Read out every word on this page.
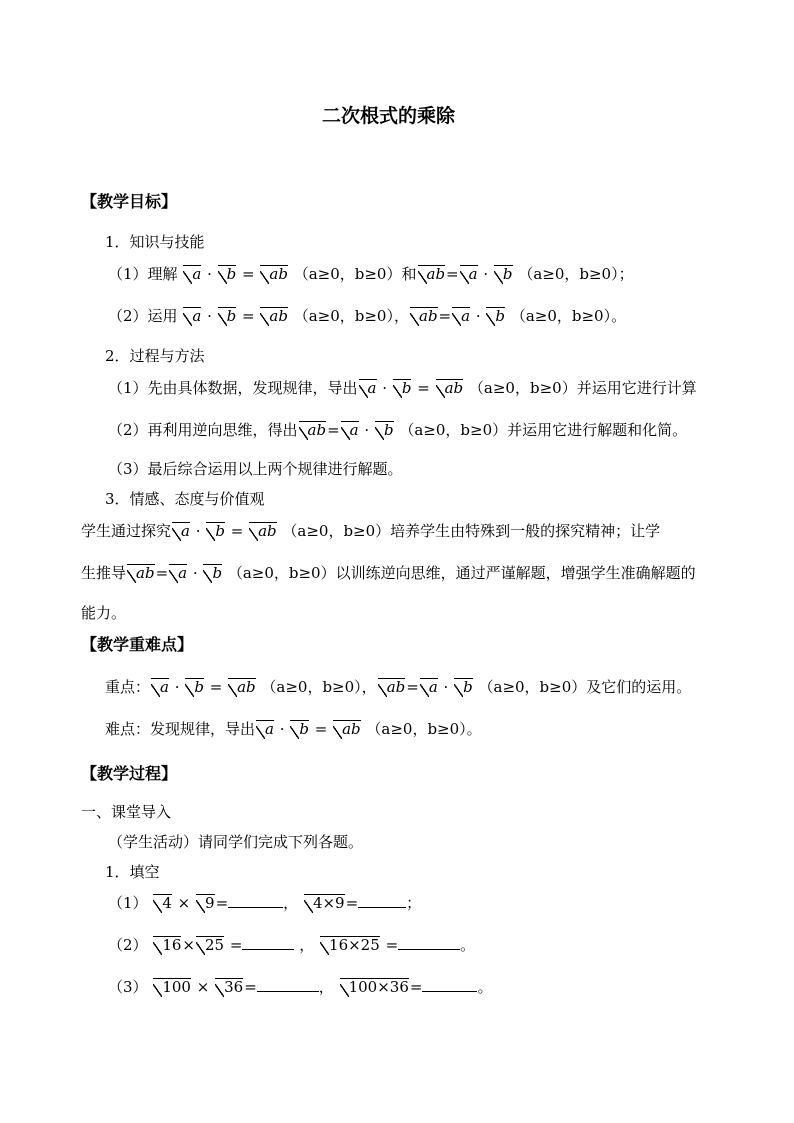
二次根式的乘除
【教学目标】
1．知识与技能
（1）理解 a · b = ab （a≥0，b≥0）和 ab= a · b （a≥0，b≥0）；
（2）运用 a · b = ab （a≥0，b≥0）， ab= a · b （a≥0，b≥0）。
2．过程与方法
（1）先由具体数据，发现规律，导出 a · b = ab （a≥0，b≥0）并运用它进行计算
（2）再利用逆向思维，得出 ab= a · b （a≥0，b≥0）并运用它进行解题和化简。
（3）最后综合运用以上两个规律进行解题。
3．情感、态度与价值观
学生通过探究 a · b = ab （a≥0，b≥0）培养学生由特殊到一般的探究精神；让学
生推导 ab= a · b （a≥0，b≥0）以训练逆向思维，通过严谨解题，增强学生准确解题的
能力。
【教学重难点】
重点： a · b = ab （a≥0，b≥0）， ab= a · b （a≥0，b≥0）及它们的运用。
难点：发现规律，导出 a · b = ab （a≥0，b≥0）。
【教学过程】
一、课堂导入
（学生活动）请同学们完成下列各题。
1．填空
（1） 4 × 9=	， 4×9=	；
（2） 16× 25 =	， 16×25 =	。
（3） 100 × 36=	， 100×36=	。
